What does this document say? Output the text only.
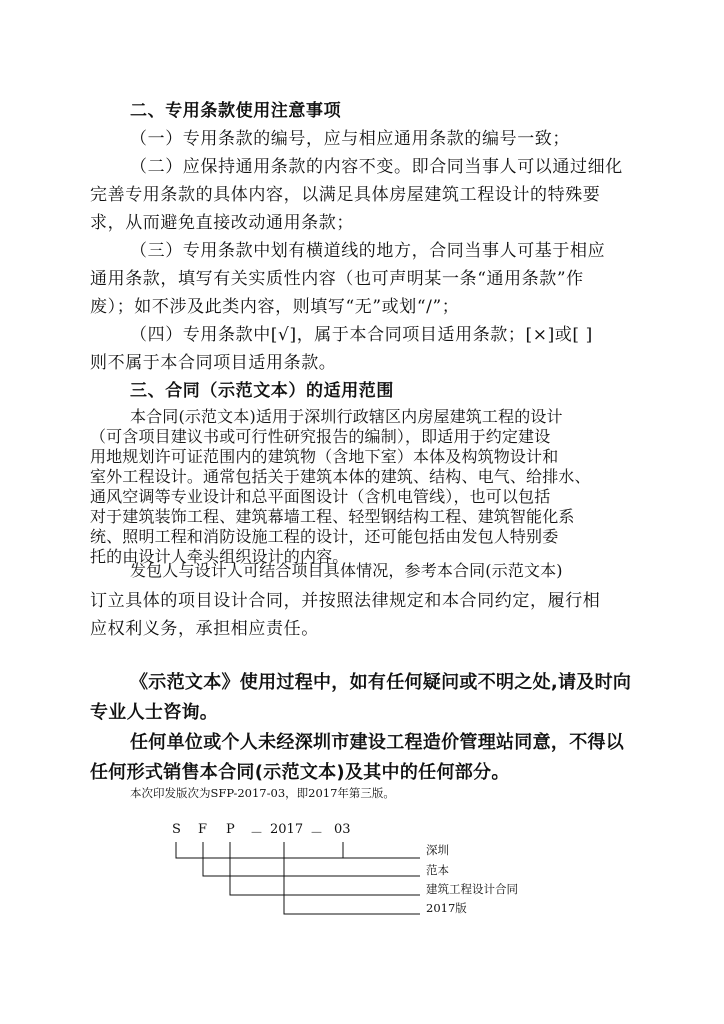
二、专用条款使用注意事项
（一）专用条款的编号，应与相应通用条款的编号一致；
（二）应保持通用条款的内容不变。即合同当事人可以通过细化
完善专用条款的具体内容，以满足具体房屋建筑工程设计的特殊要
求，从而避免直接改动通用条款；
（三）专用条款中划有横道线的地方，合同当事人可基于相应
通用条款，填写有关实质性内容（也可声明某一条“通用条款”作
废）；如不涉及此类内容，则填写“无”或划“/”；
（四）专用条款中[√]，属于本合同项目适用条款；[×]或[ ]
则不属于本合同项目适用条款。
三、合同（示范文本）的适用范围
本合同(示范文本)适用于深圳行政辖区内房屋建筑工程的设计
（可含项目建议书或可行性研究报告的编制），即适用于约定建设
用地规划许可证范围内的建筑物（含地下室）本体及构筑物设计和
室外工程设计。通常包括关于建筑本体的建筑、结构、电气、给排水、
通风空调等专业设计和总平面图设计（含机电管线），也可以包括
对于建筑装饰工程、建筑幕墙工程、轻型钢结构工程、建筑智能化系
统、照明工程和消防设施工程的设计，还可能包括由发包人特别委
托的由设计人牵头组织设计的内容。
发包人与设计人可结合项目具体情况，参考本合同(示范文本)
订立具体的项目设计合同，并按照法律规定和本合同约定，履行相
应权利义务，承担相应责任。
《示范文本》使用过程中，如有任何疑问或不明之处,请及时向
专业人士咨询。
任何单位或个人未经深圳市建设工程造价管理站同意，不得以
任何形式销售本合同(示范文本)及其中的任何部分。
本次印发版次为SFP-2017-03，即2017年第三版。
S F P － 2017 － 03
深圳
范本
建筑工程设计合同
2017版
